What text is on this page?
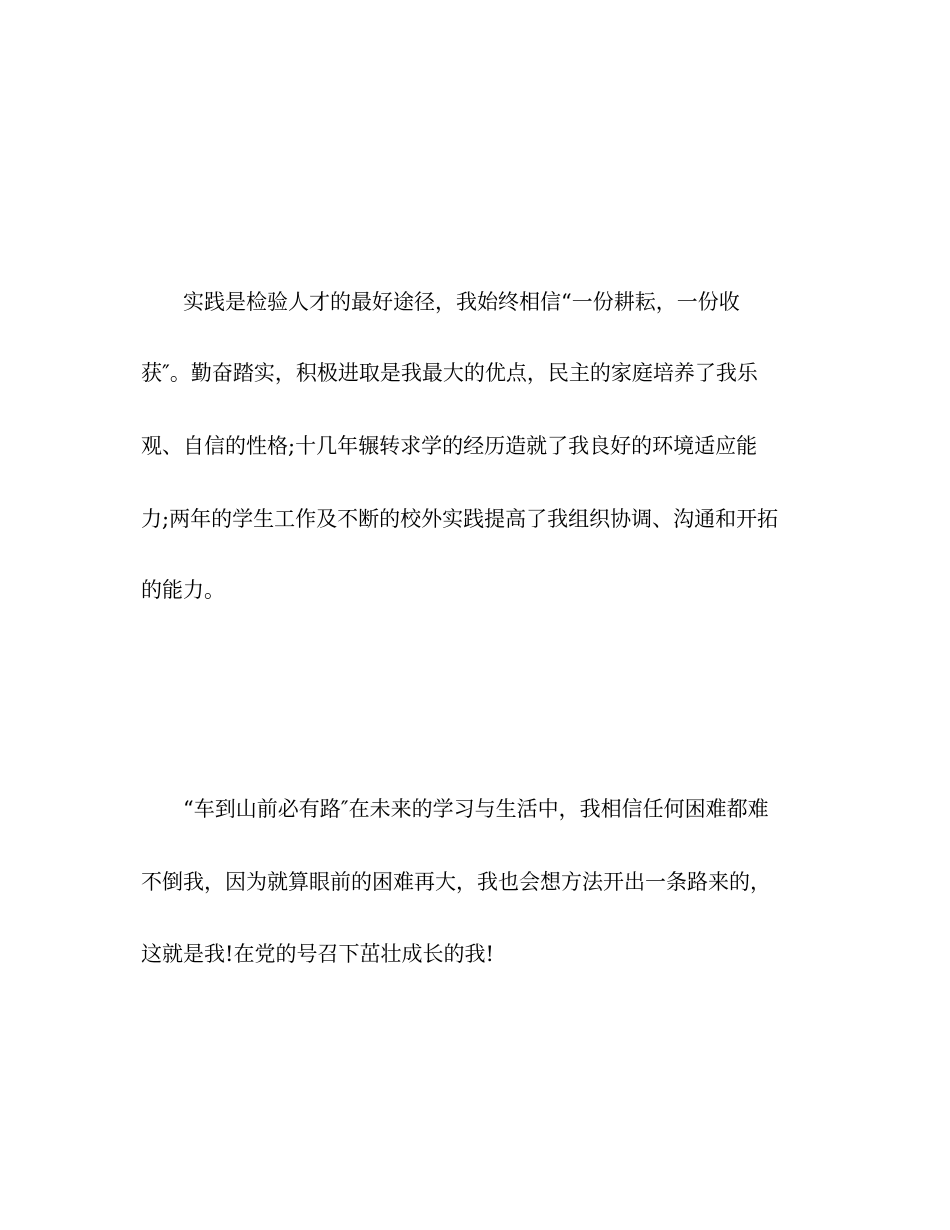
实践是检验人才的最好途径，我始终相信“一份耕耘，一份收
获″。勤奋踏实，积极进取是我最大的优点，民主的家庭培养了我乐
观、自信的性格;十几年辗转求学的经历造就了我良好的环境适应能
力;两年的学生工作及不断的校外实践提高了我组织协调、沟通和开拓
的能力。
“车到山前必有路″在未来的学习与生活中，我相信任何困难都难
不倒我，因为就算眼前的困难再大，我也会想方法开出一条路来的，
这就是我!在党的号召下茁壮成长的我!
